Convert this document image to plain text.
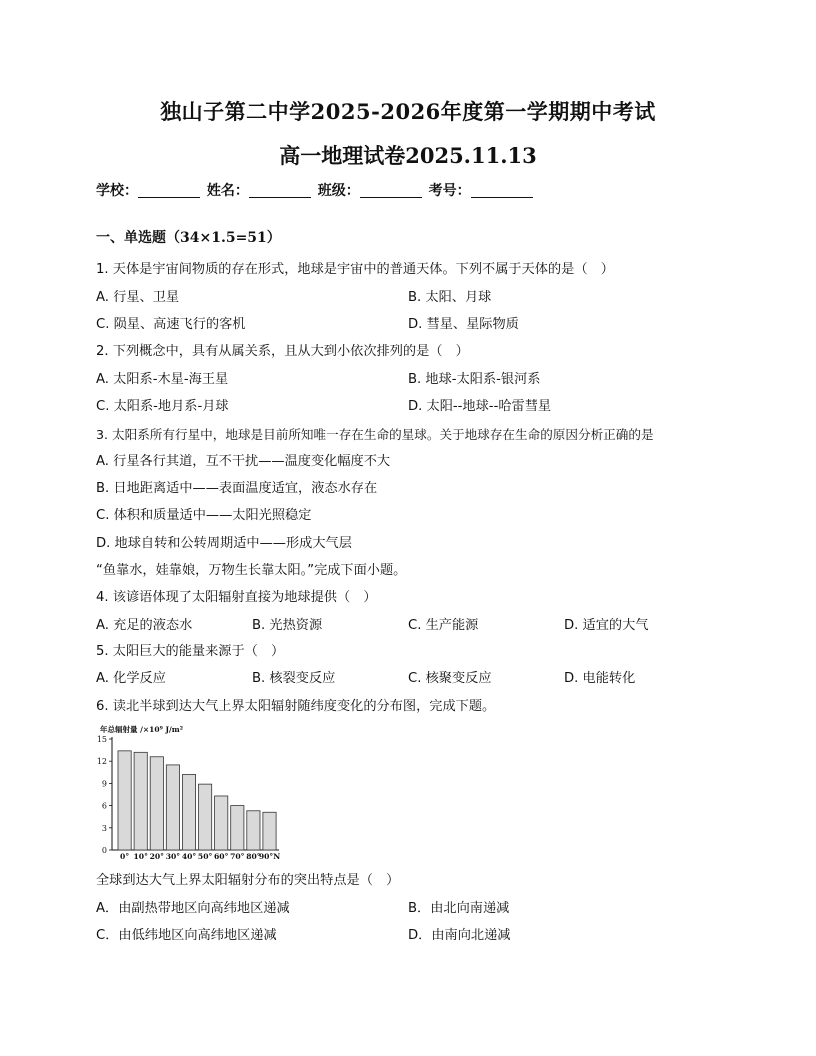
独山子第二中学2025-2026年度第一学期期中考试
高一地理试卷2025.11.13
学校：	姓名：	班级：	考号：
一、单选题（34×1.5=51）
1. 天体是宇宙间物质的存在形式，地球是宇宙中的普通天体。下列不属于天体的是（　）
A. 行星、卫星	B. 太阳、月球
C. 陨星、高速飞行的客机	D. 彗星、星际物质
2. 下列概念中，具有从属关系，且从大到小依次排列的是（　）
A. 太阳系-木星-海王星	B. 地球-太阳系-银河系
C. 太阳系-地月系-月球	D. 太阳--地球--哈雷彗星
3. 太阳系所有行星中，地球是目前所知唯一存在生命的星球。关于地球存在生命的原因分析正确的是
A. 行星各行其道，互不干扰——温度变化幅度不大
B. 日地距离适中——表面温度适宜，液态水存在
C. 体积和质量适中——太阳光照稳定
D. 地球自转和公转周期适中——形成大气层
“鱼靠水，娃靠娘，万物生长靠太阳。”完成下面小题。
4. 该谚语体现了太阳辐射直接为地球提供（　）
A. 充足的液态水	B. 光热资源	C. 生产能源	D. 适宜的大气
5. 太阳巨大的能量来源于（　）
A. 化学反应	B. 核裂变反应	C. 核聚变反应	D. 电能转化
6. 读北半球到达大气上界太阳辐射随纬度变化的分布图，完成下题。
年总辐射量 /×10⁹ J/m²
0
3
6
9
12
15
0° 10° 20° 30° 40° 50° 60° 70° 80°
90°N
全球到达大气上界太阳辐射分布的突出特点是（　）
A．由副热带地区向高纬地区递减	B．由北向南递减
C．由低纬地区向高纬地区递减	D．由南向北递减
